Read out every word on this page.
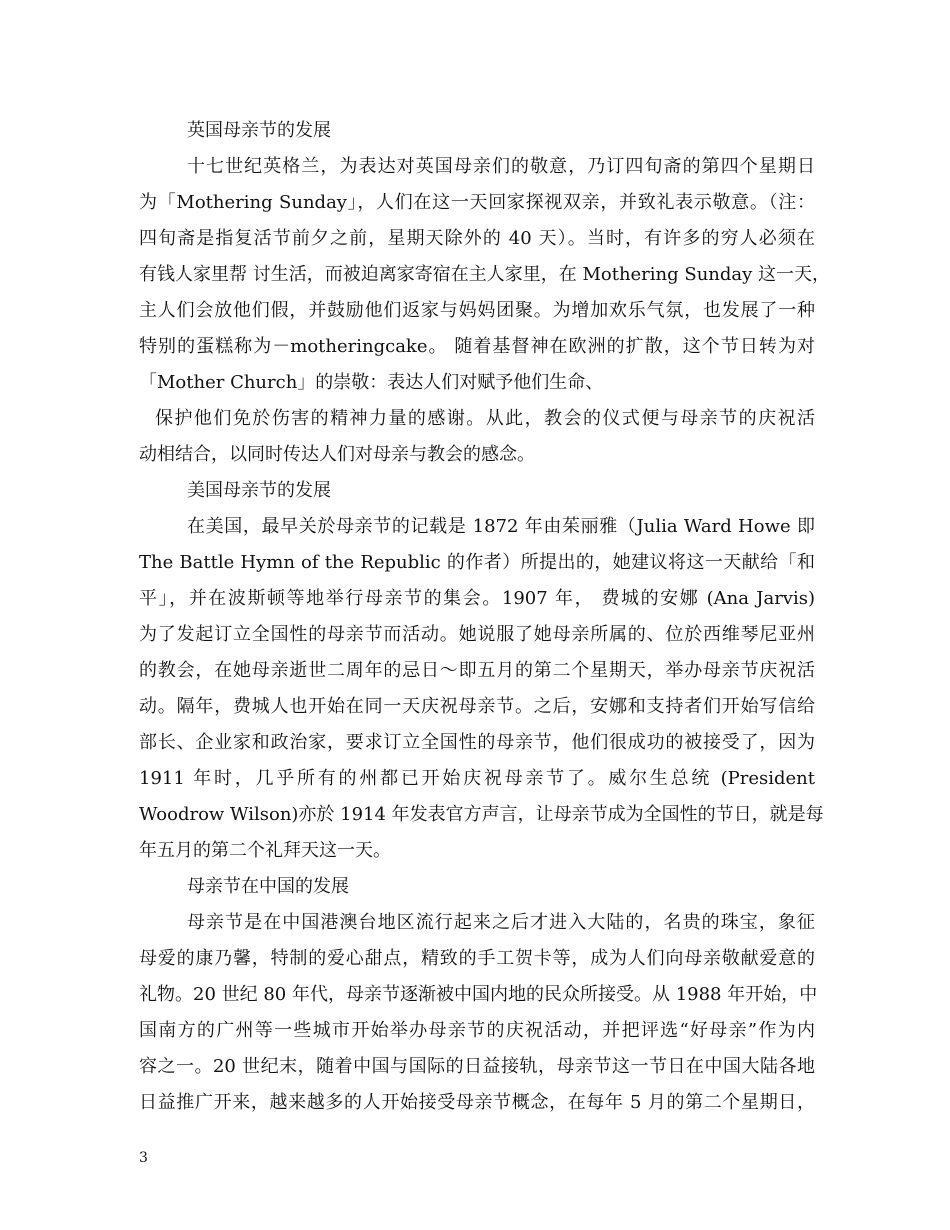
英国母亲节的发展
十七世纪英格兰，为表达对英国母亲们的敬意，乃订四旬斋的第四个星期日
为「Mothering Sunday」，人们在这一天回家探视双亲，并致礼表示敬意。（注：
四旬斋是指复活节前夕之前，星期天除外的 40 天）。当时，有许多的穷人必须在
有钱人家里帮 讨生活，而被迫离家寄宿在主人家里，在 Mothering Sunday 这一天，
主人们会放他们假，并鼓励他们返家与妈妈团聚。为增加欢乐气氛，也发展了一种
特别的蛋糕称为－motheringcake。 随着基督神在欧洲的扩散，这个节日转为对
「Mother Church」的崇敬：表达人们对赋予他们生命、
保护他们免於伤害的精神力量的感谢。从此，教会的仪式便与母亲节的庆祝活
动相结合，以同时传达人们对母亲与教会的感念。
美国母亲节的发展
在美国，最早关於母亲节的记载是 1872 年由茱丽雅（Julia Ward Howe 即
The Battle Hymn of the Republic 的作者）所提出的，她建议将这一天献给「和
平」，并在波斯顿等地举行母亲节的集会。1907 年， 费城的安娜 (Ana Jarvis)
为了发起订立全国性的母亲节而活动。她说服了她母亲所属的、位於西维琴尼亚州
的教会，在她母亲逝世二周年的忌日～即五月的第二个星期天，举办母亲节庆祝活
动。隔年，费城人也开始在同一天庆祝母亲节。之后，安娜和支持者们开始写信给
部长、企业家和政治家，要求订立全国性的母亲节，他们很成功的被接受了，因为
1911 年时，几乎所有的州都已开始庆祝母亲节了。威尔生总统 (President
Woodrow Wilson)亦於 1914 年发表官方声言，让母亲节成为全国性的节日，就是每
年五月的第二个礼拜天这一天。
母亲节在中国的发展
母亲节是在中国港澳台地区流行起来之后才进入大陆的，名贵的珠宝，象征
母爱的康乃馨，特制的爱心甜点，精致的手工贺卡等，成为人们向母亲敬献爱意的
礼物。20 世纪 80 年代，母亲节逐渐被中国内地的民众所接受。从 1988 年开始，中
国南方的广州等一些城市开始举办母亲节的庆祝活动，并把评选“好母亲”作为内
容之一。20 世纪末，随着中国与国际的日益接轨，母亲节这一节日在中国大陆各地
日益推广开来，越来越多的人开始接受母亲节概念，在每年 5 月的第二个星期日，
3
